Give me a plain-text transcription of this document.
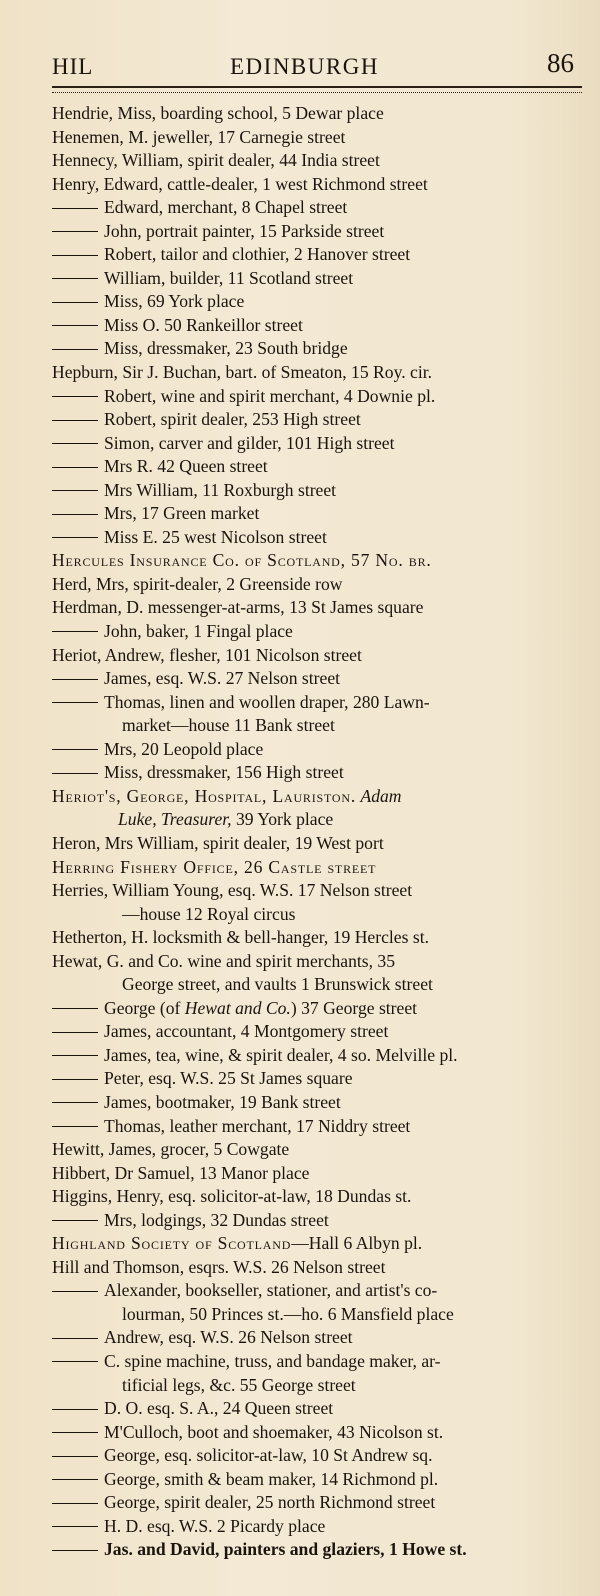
HIL	EDINBURGH	86
Hendrie, Miss, boarding school, 5 Dewar place
Henemen, M. jeweller, 17 Carnegie street
Hennecy, William, spirit dealer, 44 India street
Henry, Edward, cattle-dealer, 1 west Richmond street
Edward, merchant, 8 Chapel street
John, portrait painter, 15 Parkside street
Robert, tailor and clothier, 2 Hanover street
William, builder, 11 Scotland street
Miss, 69 York place
Miss O. 50 Rankeillor street
Miss, dressmaker, 23 South bridge
Hepburn, Sir J. Buchan, bart. of Smeaton, 15 Roy. cir.
Robert, wine and spirit merchant, 4 Downie pl.
Robert, spirit dealer, 253 High street
Simon, carver and gilder, 101 High street
Mrs R. 42 Queen street
Mrs William, 11 Roxburgh street
Mrs, 17 Green market
Miss E. 25 west Nicolson street
Hercules Insurance Co. of Scotland, 57 No. br.
Herd, Mrs, spirit-dealer, 2 Greenside row
Herdman, D. messenger-at-arms, 13 St James square
John, baker, 1 Fingal place
Heriot, Andrew, flesher, 101 Nicolson street
James, esq. W.S. 27 Nelson street
Thomas, linen and woollen draper, 280 Lawn-
market—house 11 Bank street
Mrs, 20 Leopold place
Miss, dressmaker, 156 High street
Heriot's, George, Hospital, Lauriston. Adam
Luke, Treasurer, 39 York place
Heron, Mrs William, spirit dealer, 19 West port
Herring Fishery Office, 26 Castle street
Herries, William Young, esq. W.S. 17 Nelson street
—house 12 Royal circus
Hetherton, H. locksmith & bell-hanger, 19 Hercles st.
Hewat, G. and Co. wine and spirit merchants, 35
George street, and vaults 1 Brunswick street
George (of Hewat and Co.) 37 George street
James, accountant, 4 Montgomery street
James, tea, wine, & spirit dealer, 4 so. Melville pl.
Peter, esq. W.S. 25 St James square
James, bootmaker, 19 Bank street
Thomas, leather merchant, 17 Niddry street
Hewitt, James, grocer, 5 Cowgate
Hibbert, Dr Samuel, 13 Manor place
Higgins, Henry, esq. solicitor-at-law, 18 Dundas st.
Mrs, lodgings, 32 Dundas street
Highland Society of Scotland—Hall 6 Albyn pl.
Hill and Thomson, esqrs. W.S. 26 Nelson street
Alexander, bookseller, stationer, and artist's co-
lourman, 50 Princes st.—ho. 6 Mansfield place
Andrew, esq. W.S. 26 Nelson street
C. spine machine, truss, and bandage maker, ar-
tificial legs, &c. 55 George street
D. O. esq. S. A., 24 Queen street
M'Culloch, boot and shoemaker, 43 Nicolson st.
George, esq. solicitor-at-law, 10 St Andrew sq.
George, smith & beam maker, 14 Richmond pl.
George, spirit dealer, 25 north Richmond street
H. D. esq. W.S. 2 Picardy place
Jas. and David, painters and glaziers, 1 Howe st.
